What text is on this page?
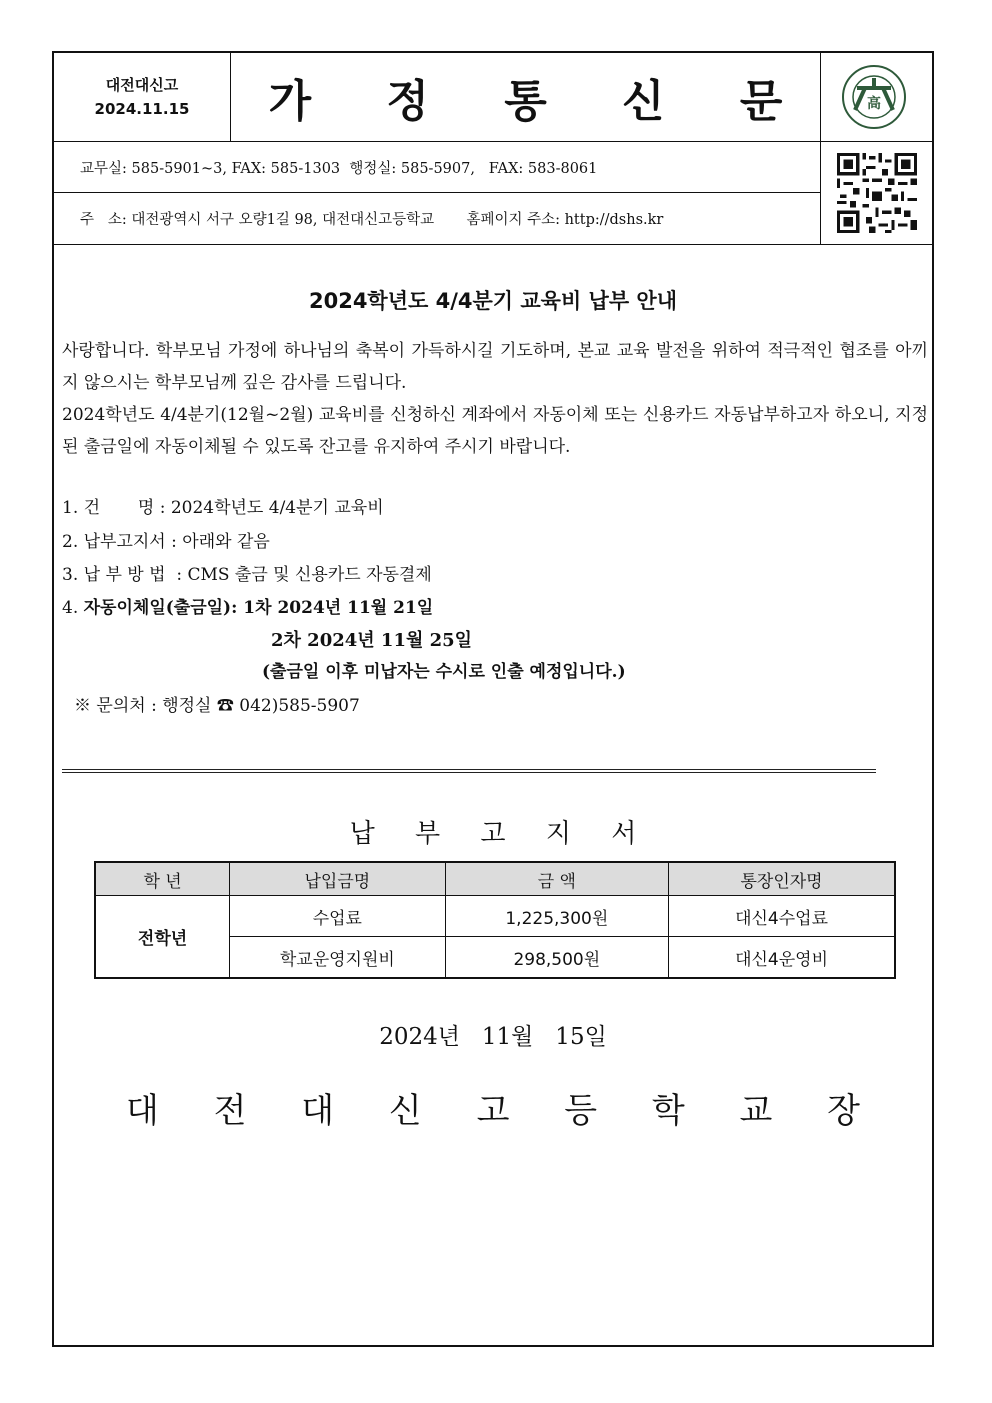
대전대신고
2024.11.15	가 정 통 신 문	高
교무실: 585-5901~3, FAX: 585-1303  행정실: 585-5907,   FAX: 583-8061
주   소: 대전광역시 서구 오량1길 98, 대전대신고등학교       홈페이지 주소: http://dshs.kr
2024학년도 4/4분기 교육비 납부 안내
사랑합니다. 학부모님 가정에 하나님의 축복이 가득하시길 기도하며, 본교 교육 발전을 위하여 적극적인 협조를 아끼지 않으시는 학부모님께 깊은 감사를 드립니다.
2024학년도 4/4분기(12월~2월) 교육비를 신청하신 계좌에서 자동이체 또는 신용카드 자동납부하고자 하오니, 지정된 출금일에 자동이체될 수 있도록 잔고를 유지하여 주시기 바랍니다.
1. 건       명 : 2024학년도 4/4분기 교육비
2. 납부고지서 : 아래와 같음
3. 납 부 방 법  : CMS 출금 및 신용카드 자동결제
4. 자동이체일(출금일): 1차 2024년 11월 21일
2차 2024년 11월 25일
(출금일 이후 미납자는 수시로 인출 예정입니다.)
※ 문의처 : 행정실 ☎ 042)585-5907
납 부 고 지 서
학 년	납입금명	금 액	통장인자명
전학년	수업료	1,225,300원	대신4수업료
	학교운영지원비	298,500원	대신4운영비
2024년   11월   15일
대 전 대 신 고 등 학 교 장
